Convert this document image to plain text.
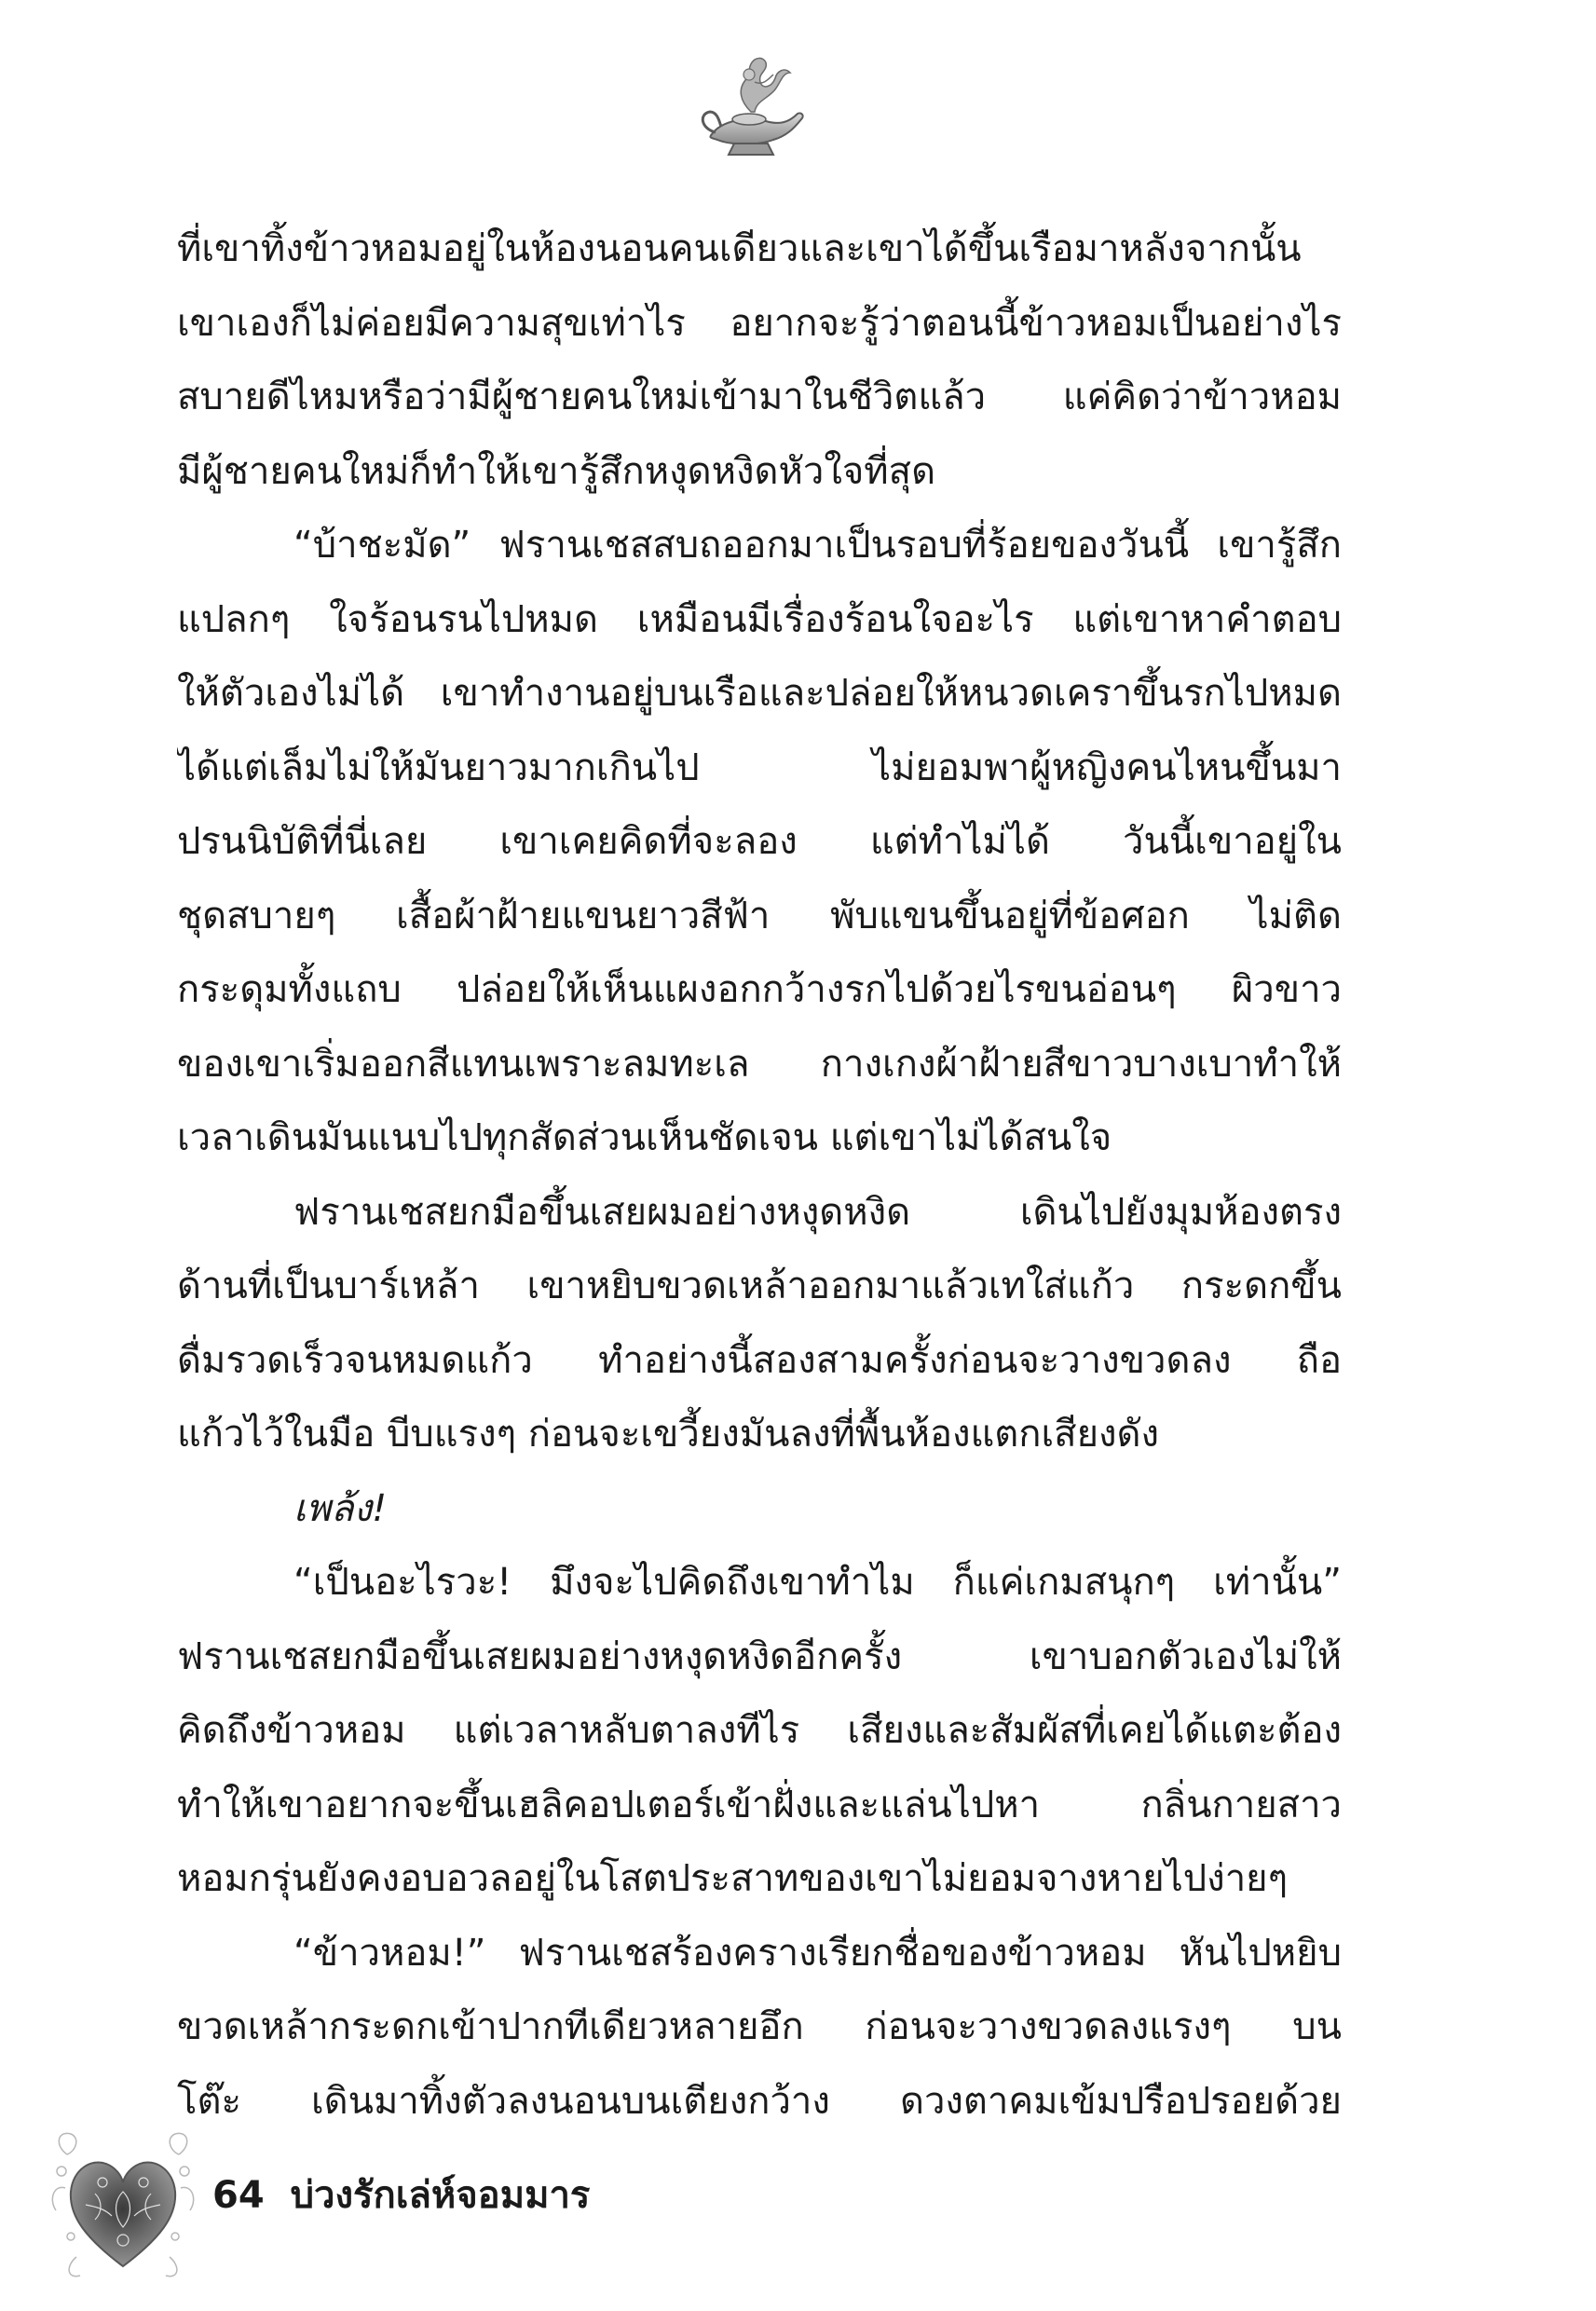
ที่เขาทิ้งข้าวหอมอยู่ในห้องนอนคนเดียวและเขาได้ขึ้นเรือมาหลังจากนั้น
เขาเองก็ไม่ค่อยมีความสุขเท่าไร อยากจะรู้ว่าตอนนี้ข้าวหอมเป็นอย่างไร
สบายดีไหมหรือว่ามีผู้ชายคนใหม่เข้ามาในชีวิตแล้ว แค่คิดว่าข้าวหอม
มีผู้ชายคนใหม่ก็ทำให้เขารู้สึกหงุดหงิดหัวใจที่สุด
“บ้าชะมัด” ฟรานเชสสบถออกมาเป็นรอบที่ร้อยของวันนี้ เขารู้สึก
แปลกๆ ใจร้อนรนไปหมด เหมือนมีเรื่องร้อนใจอะไร แต่เขาหาคำตอบ
ให้ตัวเองไม่ได้ เขาทำงานอยู่บนเรือและปล่อยให้หนวดเคราขึ้นรกไปหมด
ได้แต่เล็มไม่ให้มันยาวมากเกินไป ไม่ยอมพาผู้หญิงคนไหนขึ้นมา
ปรนนิบัติที่นี่เลย เขาเคยคิดที่จะลอง แต่ทำไม่ได้ วันนี้เขาอยู่ใน
ชุดสบายๆ เสื้อผ้าฝ้ายแขนยาวสีฟ้า พับแขนขึ้นอยู่ที่ข้อศอก ไม่ติด
กระดุมทั้งแถบ ปล่อยให้เห็นแผงอกกว้างรกไปด้วยไรขนอ่อนๆ ผิวขาว
ของเขาเริ่มออกสีแทนเพราะลมทะเล กางเกงผ้าฝ้ายสีขาวบางเบาทำให้
เวลาเดินมันแนบไปทุกสัดส่วนเห็นชัดเจน แต่เขาไม่ได้สนใจ
ฟรานเชสยกมือขึ้นเสยผมอย่างหงุดหงิด เดินไปยังมุมห้องตรง
ด้านที่เป็นบาร์เหล้า เขาหยิบขวดเหล้าออกมาแล้วเทใส่แก้ว กระดกขึ้น
ดื่มรวดเร็วจนหมดแก้ว ทำอย่างนี้สองสามครั้งก่อนจะวางขวดลง ถือ
แก้วไว้ในมือ บีบแรงๆ ก่อนจะเขวี้ยงมันลงที่พื้นห้องแตกเสียงดัง
เพล้ง!
“เป็นอะไรวะ! มึงจะไปคิดถึงเขาทำไม ก็แค่เกมสนุกๆ เท่านั้น”
ฟรานเชสยกมือขึ้นเสยผมอย่างหงุดหงิดอีกครั้ง เขาบอกตัวเองไม่ให้
คิดถึงข้าวหอม แต่เวลาหลับตาลงทีไร เสียงและสัมผัสที่เคยได้แตะต้อง
ทำให้เขาอยากจะขึ้นเฮลิคอปเตอร์เข้าฝั่งและแล่นไปหา กลิ่นกายสาว
หอมกรุ่นยังคงอบอวลอยู่ในโสตประสาทของเขาไม่ยอมจางหายไปง่ายๆ
“ข้าวหอม!” ฟรานเชสร้องครางเรียกชื่อของข้าวหอม หันไปหยิบ
ขวดเหล้ากระดกเข้าปากทีเดียวหลายอึก ก่อนจะวางขวดลงแรงๆ บน
โต๊ะ เดินมาทิ้งตัวลงนอนบนเตียงกว้าง ดวงตาคมเข้มปรือปรอยด้วย
64 บ่วงรักเล่ห์จอมมาร
